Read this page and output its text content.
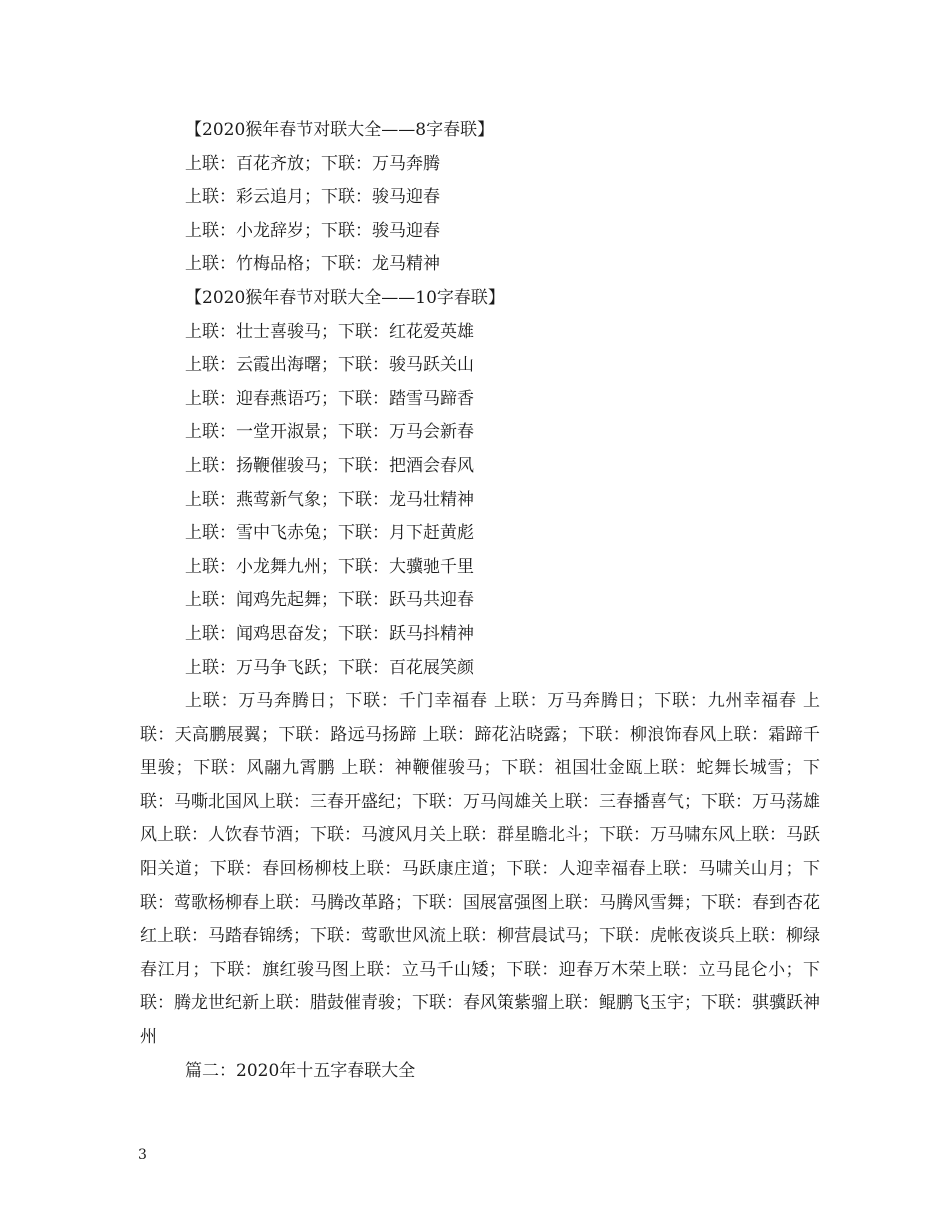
【2020猴年春节对联大全——8字春联】
上联：百花齐放；下联：万马奔腾
上联：彩云追月；下联：骏马迎春
上联：小龙辞岁；下联：骏马迎春
上联：竹梅品格；下联：龙马精神
【2020猴年春节对联大全——10字春联】
上联：壮士喜骏马；下联：红花爱英雄
上联：云霞出海曙；下联：骏马跃关山
上联：迎春燕语巧；下联：踏雪马蹄香
上联：一堂开淑景；下联：万马会新春
上联：扬鞭催骏马；下联：把酒会春风
上联：燕莺新气象；下联：龙马壮精神
上联：雪中飞赤兔；下联：月下赶黄彪
上联：小龙舞九州；下联：大骥驰千里
上联：闻鸡先起舞；下联：跃马共迎春
上联：闻鸡思奋发；下联：跃马抖精神
上联：万马争飞跃；下联：百花展笑颜

上联：万马奔腾日；下联：千门幸福春 上联：万马奔腾日；下联：九州幸福春 上联：天高鹏展翼；下联：路远马扬蹄 上联：蹄花沾晓露；下联：柳浪饰春风上联：霜蹄千里骏；下联：风翮九霄鹏 上联：神鞭催骏马；下联：祖国壮金瓯上联：蛇舞长城雪；下联：马嘶北国风上联：三春开盛纪；下联：万马闯雄关上联：三春播喜气；下联：万马荡雄风上联：人饮春节酒；下联：马渡风月关上联：群星瞻北斗；下联：万马啸东风上联：马跃阳关道；下联：春回杨柳枝上联：马跃康庄道；下联：人迎幸福春上联：马啸关山月；下联：莺歌杨柳春上联：马腾改革路；下联：国展富强图上联：马腾风雪舞；下联：春到杏花红上联：马踏春锦绣；下联：莺歌世风流上联：柳营晨试马；下联：虎帐夜谈兵上联：柳绿春江月；下联：旗红骏马图上联：立马千山矮；下联：迎春万木荣上联：立马昆仑小；下联：腾龙世纪新上联：腊鼓催青骏；下联：春风策紫骝上联：鲲鹏飞玉宇；下联：骐骥跃神州

篇二：2020年十五字春联大全
3
